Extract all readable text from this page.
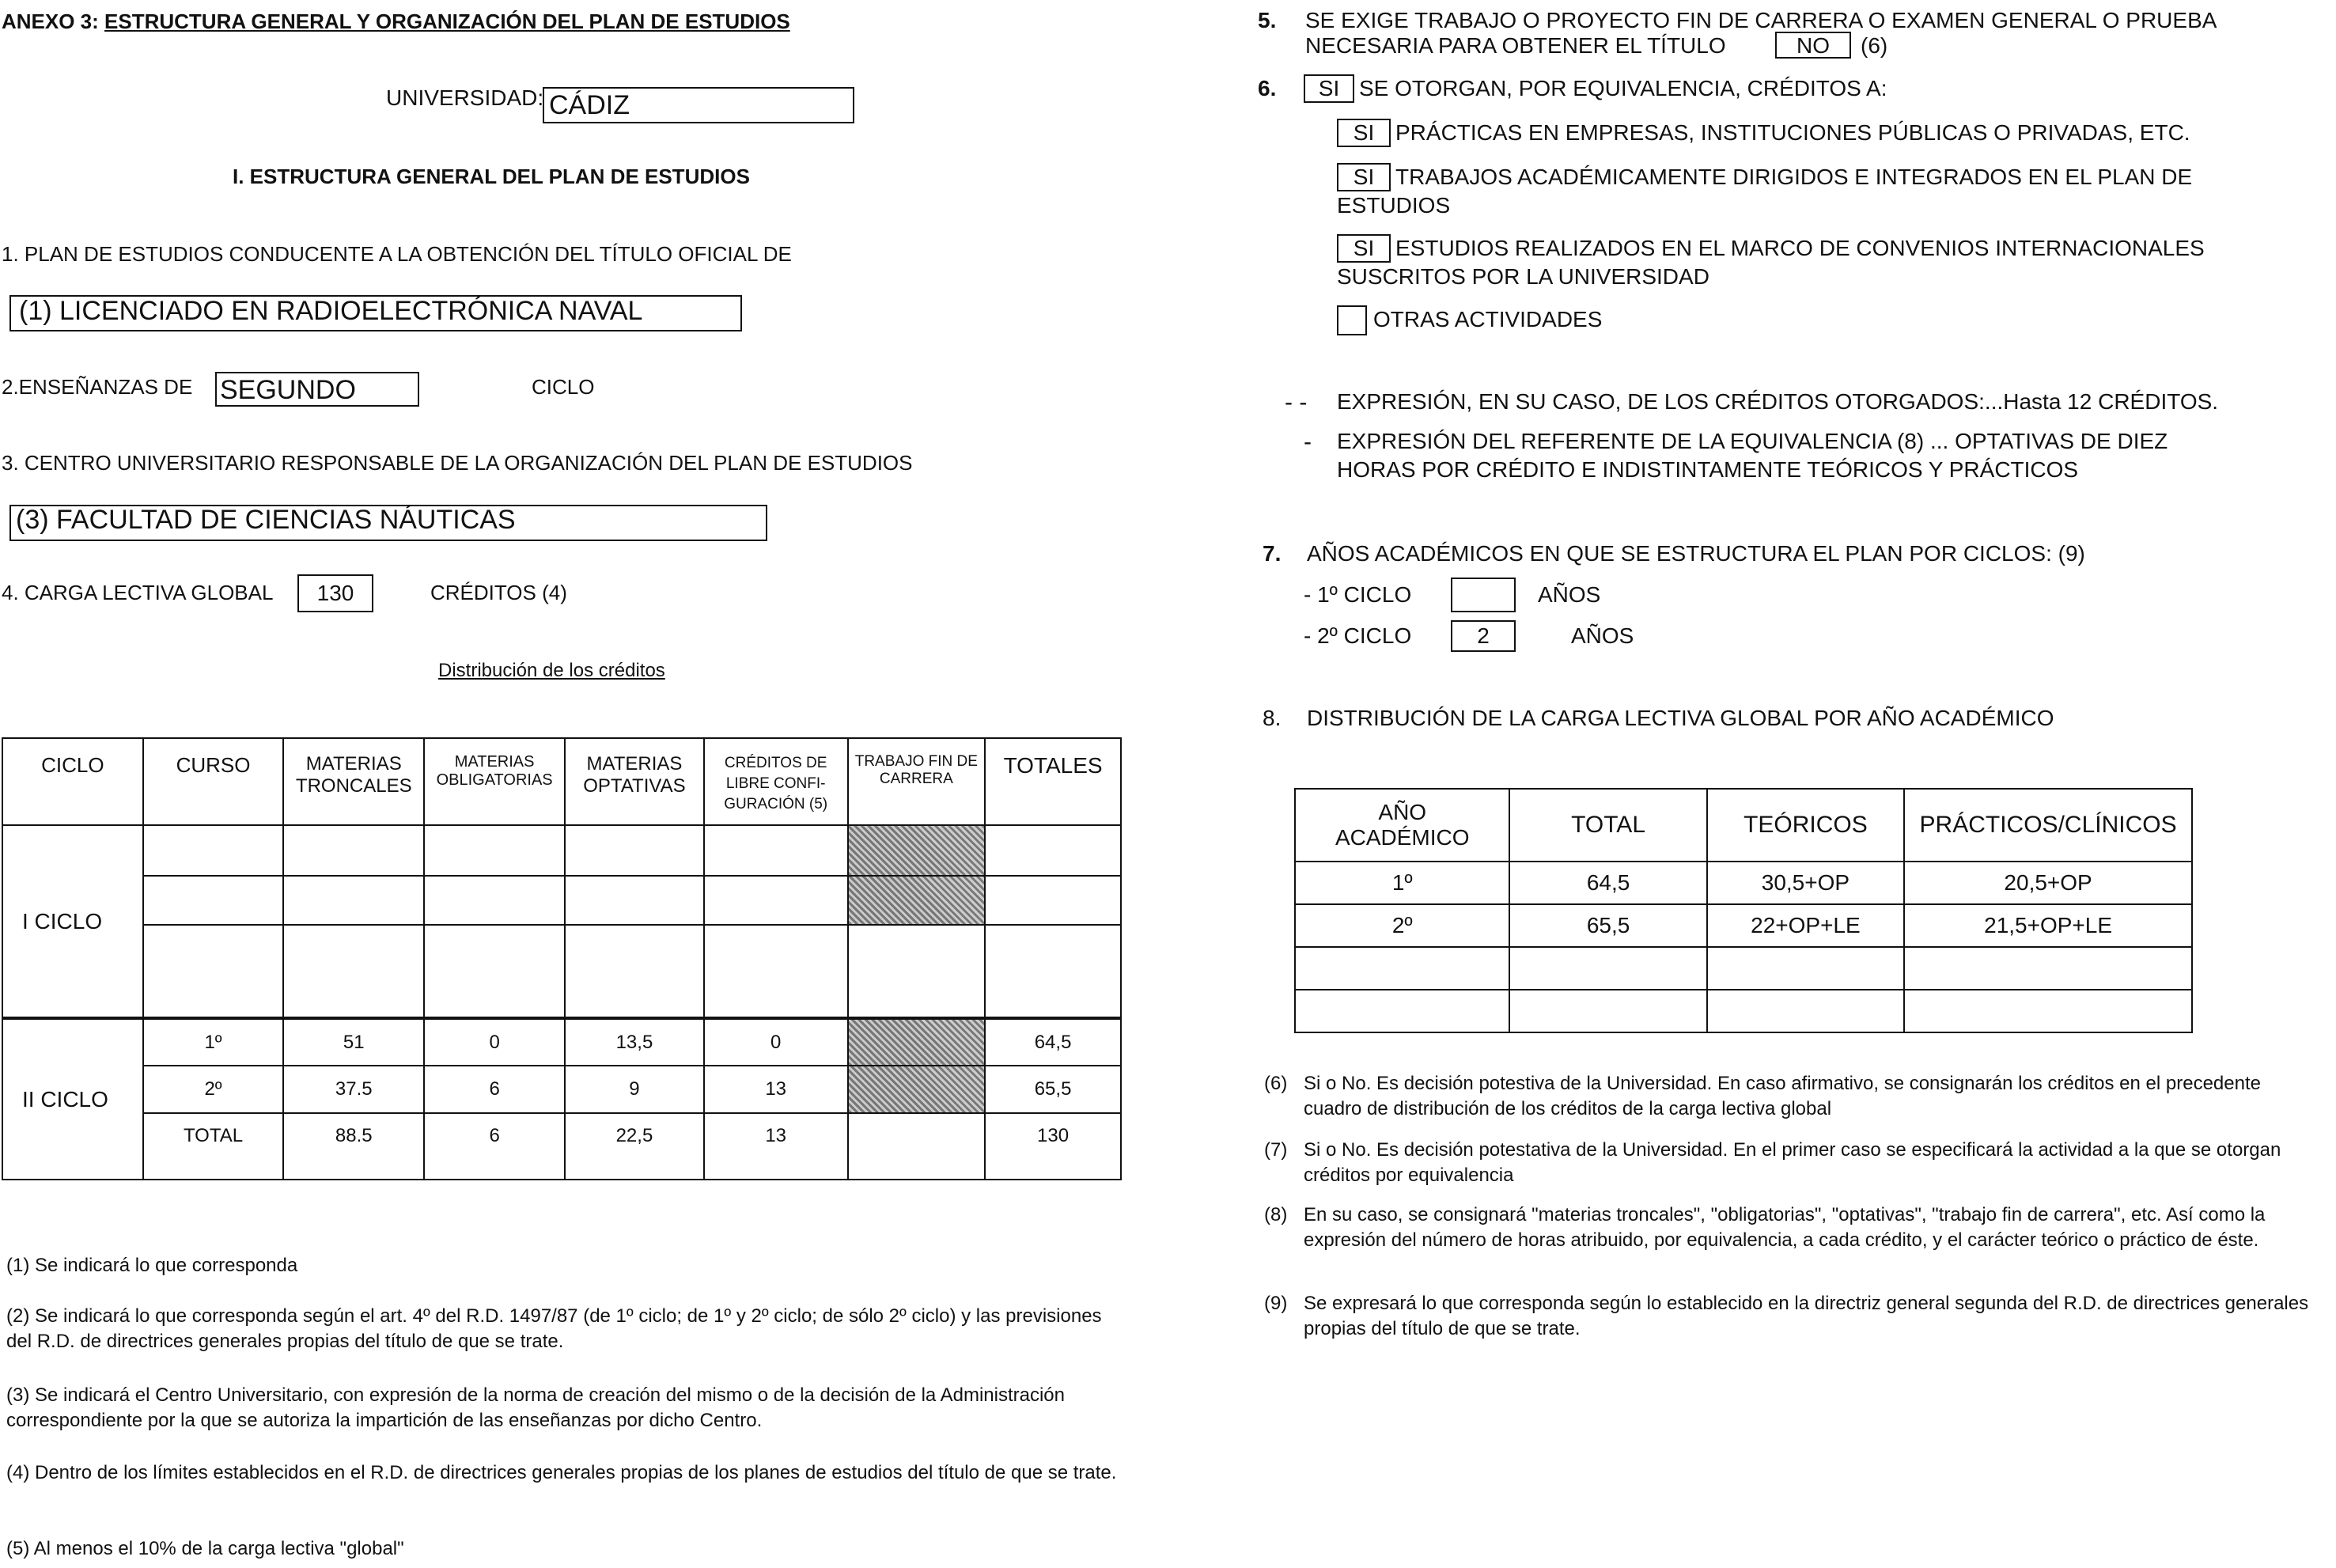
ANEXO 3: ESTRUCTURA GENERAL Y ORGANIZACIÓN DEL PLAN DE ESTUDIOS
UNIVERSIDAD: CÁDIZ
I. ESTRUCTURA GENERAL DEL PLAN DE ESTUDIOS
1. PLAN DE ESTUDIOS CONDUCENTE A LA OBTENCIÓN DEL TÍTULO OFICIAL DE
(1) LICENCIADO EN RADIOELECTRÓNICA NAVAL
2.ENSEÑANZAS DE SEGUNDO	CICLO
3. CENTRO UNIVERSITARIO RESPONSABLE DE LA ORGANIZACIÓN DEL PLAN DE ESTUDIOS
(3) FACULTAD DE CIENCIAS NÁUTICAS
4. CARGA LECTIVA GLOBAL	130	CRÉDITOS (4)
Distribución de los créditos
CICLO	CURSO	MATERIAS TRONCALES	MATERIAS OBLIGATORIAS	MATERIAS OPTATIVAS	CRÉDITOS DE LIBRE CONFI- GURACIÓN (5)	TRABAJO FIN DE CARRERA	TOTALES
I CICLO							

II CICLO	1º	51	0	13,5	0		64,5
	2º	37.5	6	9	13		65,5
	TOTAL	88.5	6	22,5	13		130
(1) Se indicará lo que corresponda
(2) Se indicará lo que corresponda según el art. 4º del R.D. 1497/87 (de 1º ciclo; de 1º y 2º ciclo; de sólo 2º ciclo) y las previsiones del R.D. de directrices generales propias del título de que se trate.
(3) Se indicará el Centro Universitario, con expresión de la norma de creación del mismo o de la decisión de la Administración correspondiente por la que se autoriza la impartición de las enseñanzas por dicho Centro.
(4) Dentro de los límites establecidos en el R.D. de directrices generales propias de los planes de estudios del título de que se trate.
(5) Al menos el 10% de la carga lectiva "global"
5. SE EXIGE TRABAJO O PROYECTO FIN DE CARRERA O EXAMEN GENERAL O PRUEBA
NECESARIA PARA OBTENER EL TÍTULO	NO	(6)
6.	SI SE OTORGAN, POR EQUIVALENCIA, CRÉDITOS A:
SI PRÁCTICAS EN EMPRESAS, INSTITUCIONES PÚBLICAS O PRIVADAS, ETC.
SI TRABAJOS ACADÉMICAMENTE DIRIGIDOS E INTEGRADOS EN EL PLAN DE
ESTUDIOS
SI ESTUDIOS REALIZADOS EN EL MARCO DE CONVENIOS INTERNACIONALES
SUSCRITOS POR LA UNIVERSIDAD
OTRAS ACTIVIDADES
- - EXPRESIÓN, EN SU CASO, DE LOS CRÉDITOS OTORGADOS:...Hasta 12 CRÉDITOS.
- EXPRESIÓN DEL REFERENTE DE LA EQUIVALENCIA (8) ... OPTATIVAS DE DIEZ
HORAS POR CRÉDITO E INDISTINTAMENTE TEÓRICOS Y PRÁCTICOS
7. AÑOS ACADÉMICOS EN QUE SE ESTRUCTURA EL PLAN POR CICLOS: (9)
- 1º CICLO	AÑOS
- 2º CICLO	2	AÑOS
8. DISTRIBUCIÓN DE LA CARGA LECTIVA GLOBAL POR AÑO ACADÉMICO
AÑO ACADÉMICO	TOTAL	TEÓRICOS	PRÁCTICOS/CLÍNICOS
1º	64,5	30,5+OP	20,5+OP
2º	65,5	22+OP+LE	21,5+OP+LE

(6) Si o No. Es decisión potestiva de la Universidad. En caso afirmativo, se consignarán los créditos en el precedente cuadro de distribución de los créditos de la carga lectiva global
(7) Si o No. Es decisión potestativa de la Universidad. En el primer caso se especificará la actividad a la que se otorgan créditos por equivalencia
(8) En su caso, se consignará "materias troncales", "obligatorias", "optativas", "trabajo fin de carrera", etc. Así como la expresión del número de horas atribuido, por equivalencia, a cada crédito, y el carácter teórico o práctico de éste.
(9) Se expresará lo que corresponda según lo establecido en la directriz general segunda del R.D. de directrices generales propias del título de que se trate.
